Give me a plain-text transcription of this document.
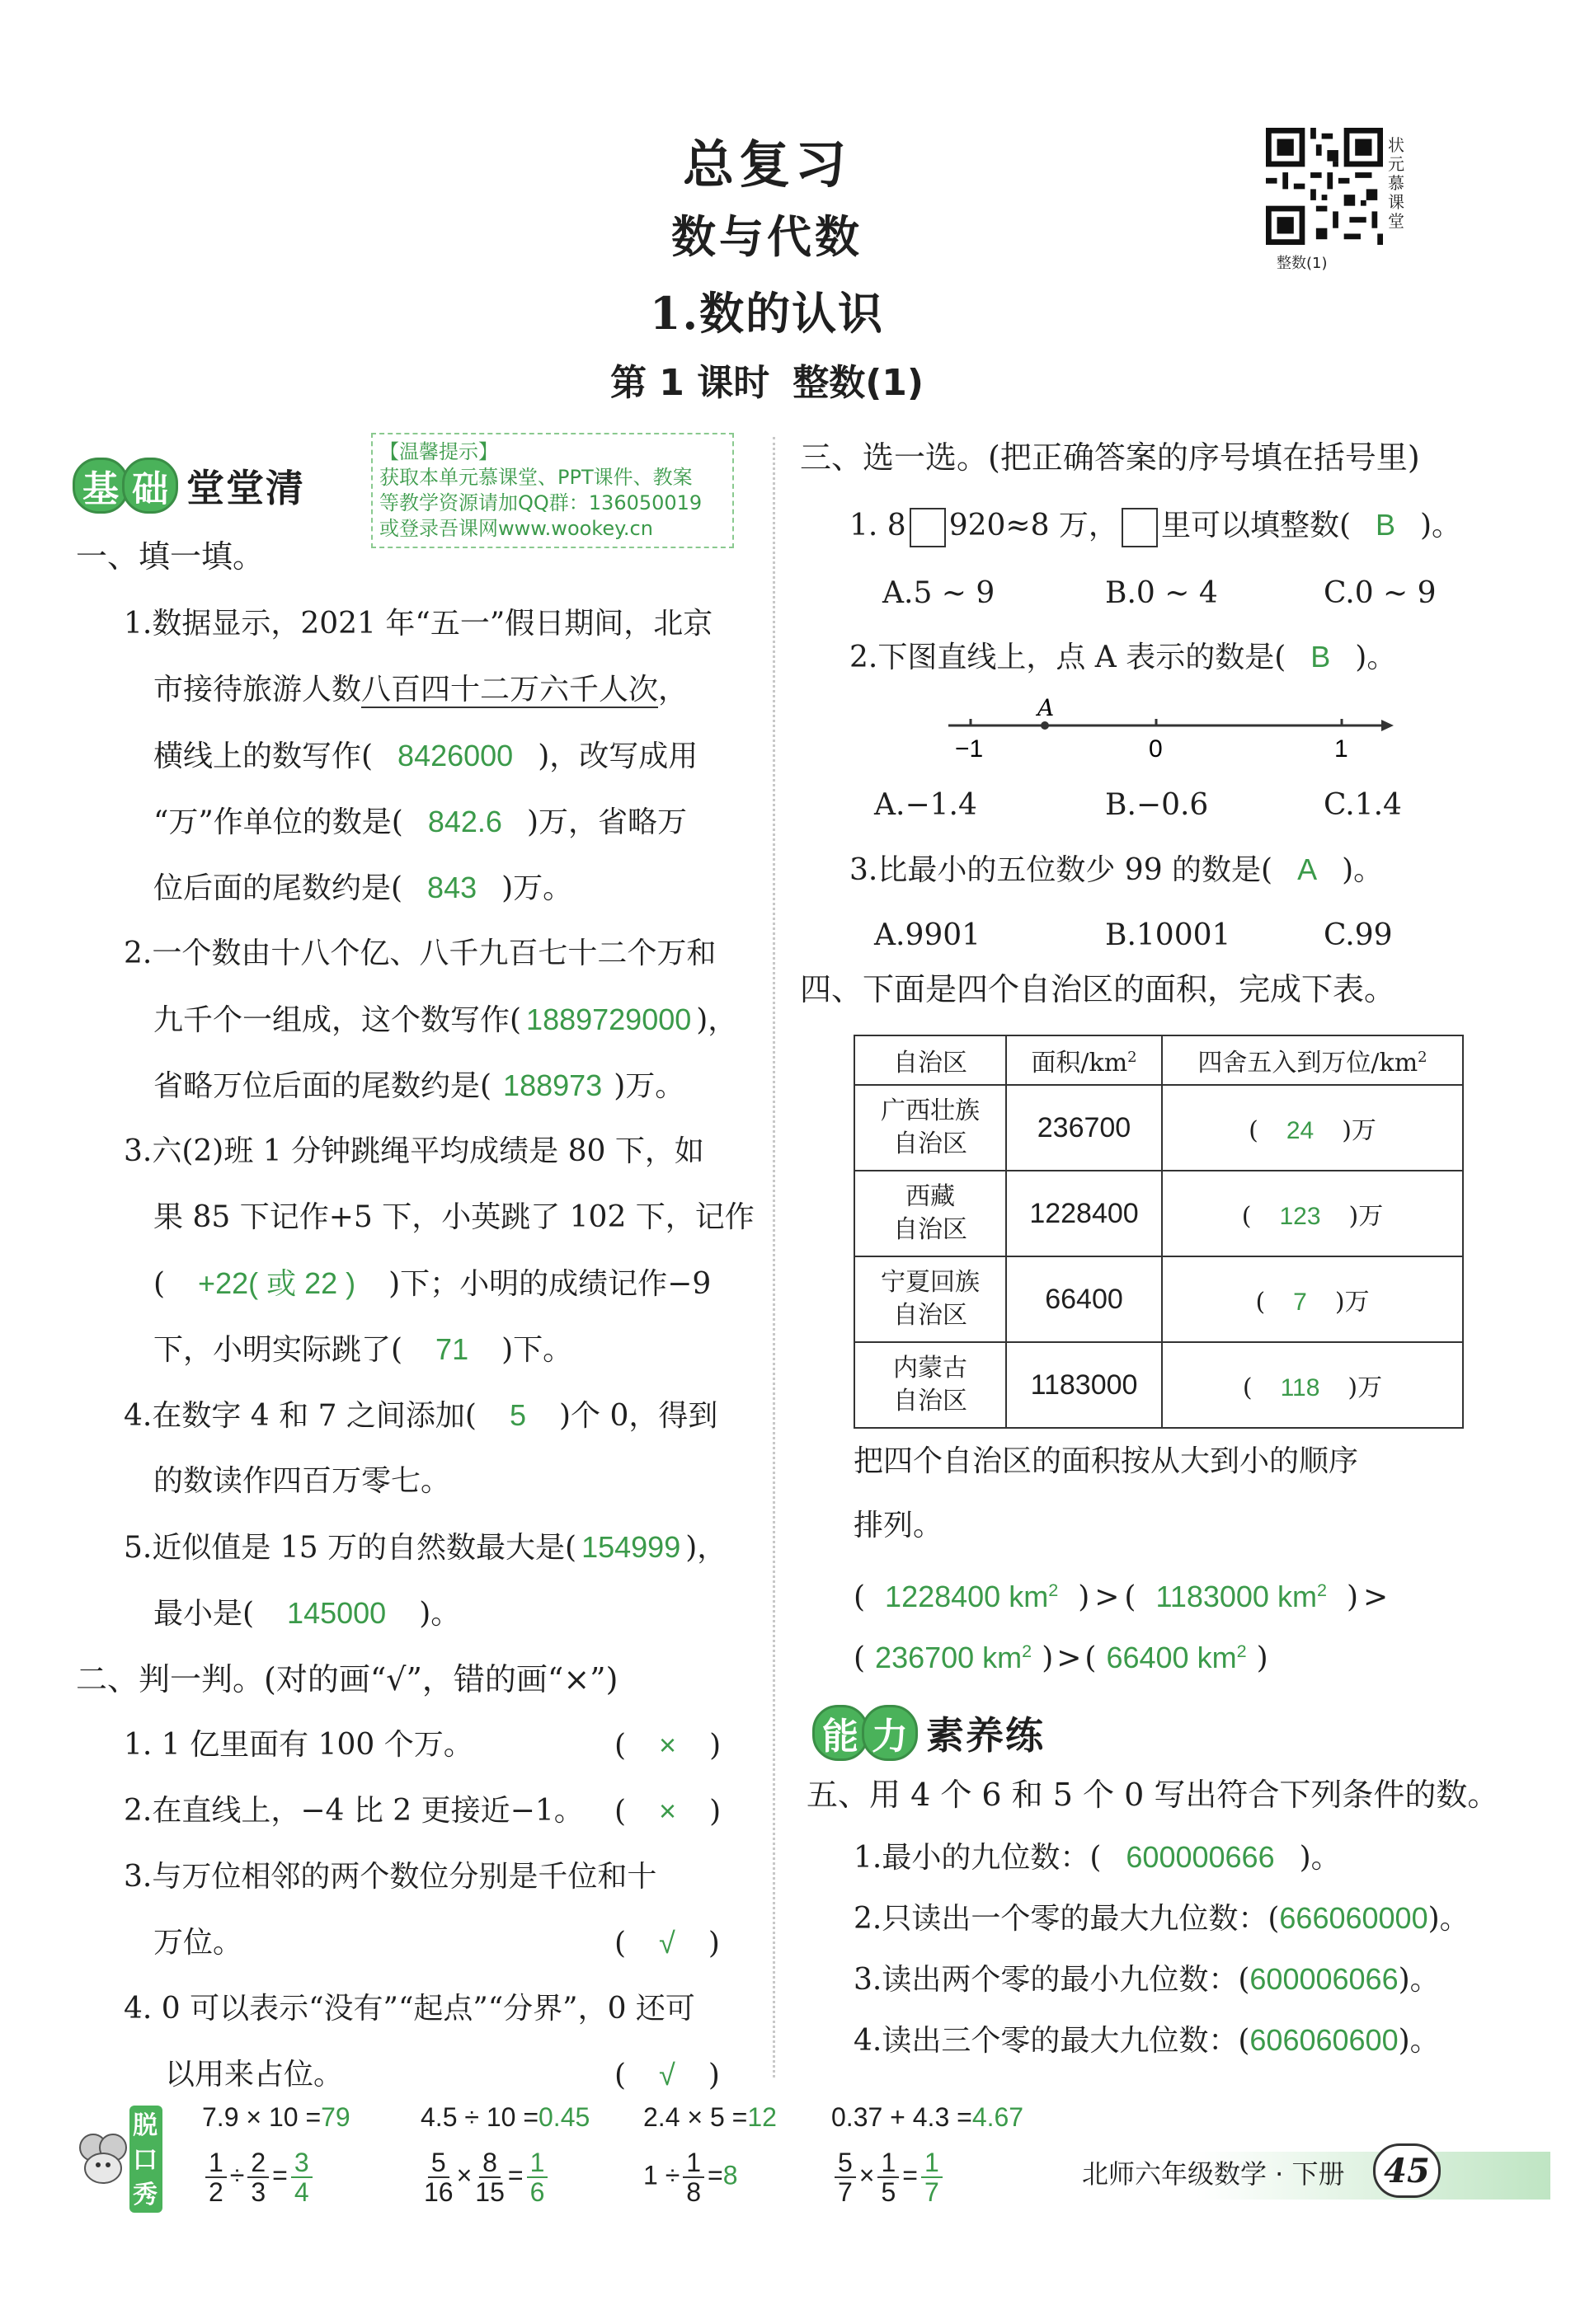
总复习
数与代数
1.数的认识
第 1 课时 整数(1)
状元慕课堂
整数(1)
基 础 堂堂清
【温馨提示】
获取本单元慕课堂、PPT课件、教案
等教学资源请加QQ群：136050019
或登录吾课网www.wookey.cn
一、填一填。
1.数据显示，2021 年“五一”假日期间，北京
市接待旅游人数八百四十二万六千人次，
横线上的数写作( 8426000 )，改写成用
“万”作单位的数是( 842.6 )万，省略万
位后面的尾数约是( 843 )万。
2.一个数由十八个亿、八千九百七十二个万和
九千个一组成，这个数写作( 1889729000 )，
省略万位后面的尾数约是( 188973 )万。
3.六(2)班 1 分钟跳绳平均成绩是 80 下，如
果 85 下记作+5 下，小英跳了 102 下，记作
( +22( 或 22 ) )下；小明的成绩记作−9
下，小明实际跳了( 71 )下。
4.在数字 4 和 7 之间添加( 5 )个 0，得到
的数读作四百万零七。
5.近似值是 15 万的自然数最大是( 154999 )，
最小是( 145000 )。
二、判一判。(对的画“√”，错的画“×”)
1. 1 亿里面有 100 个万。	( × )
2.在直线上，−4 比 2 更接近−1。 ( × )
3.与万位相邻的两个数位分别是千位和十
万位。	( √ )
4. 0 可以表示“没有”“起点”“分界”，0 还可
以用来占位。	( √ )
三、选一选。(把正确答案的序号填在括号里)
1. 8 920≈8 万， 里可以填整数( B )。
A.5 ~ 9	B.0 ~ 4	C.0 ~ 9
2.下图直线上，点 A 表示的数是( B )。
A
−1	0	1
A.−1.4	B.−0.6	C.1.4
3.比最小的五位数少 99 的数是( A )。
A.9901	B.10001	C.99
四、下面是四个自治区的面积，完成下表。
自治区	面积$/km^2$	四舍五入到万位$/km^2$

广西壮族
自治区	236700	( 24 )万

西藏
自治区	1228400	( 123 )万

宁夏回族
自治区	66400	( 7 )万

内蒙古
自治区	1183000	( 118 )万
把四个自治区的面积按从大到小的顺序
排列。
( 1228400 $km^2$ ) > ( 1183000 $km^2$ ) >
( 236700 $km^2$ ) > ( 66400 $km^2$ )
能 力 素养练
五、用 4 个 6 和 5 个 0 写出符合下列条件的数。
1.最小的九位数：( 600000666 )。
2.只读出一个零的最大九位数：(666060000)。
3.读出两个零的最小九位数：(600006066)。
4.读出三个零的最大九位数：(606060600)。
脱
口
秀
7.9 × 10 =79	4.5 ÷ 10 =0.45 2.4 × 5 =12 0.37 + 4.3 =4.67
$\frac{1}{2} \div \frac{2}{3} = \frac{3}{4}$	$\frac{5}{16} \times \frac{8}{15} = \frac{1}{6}$	$1 \div \frac{1}{8} =8$	$\frac{5}{7} \times \frac{1}{5} = \frac{1}{7}$	北师六年级数学 · 下册	45
